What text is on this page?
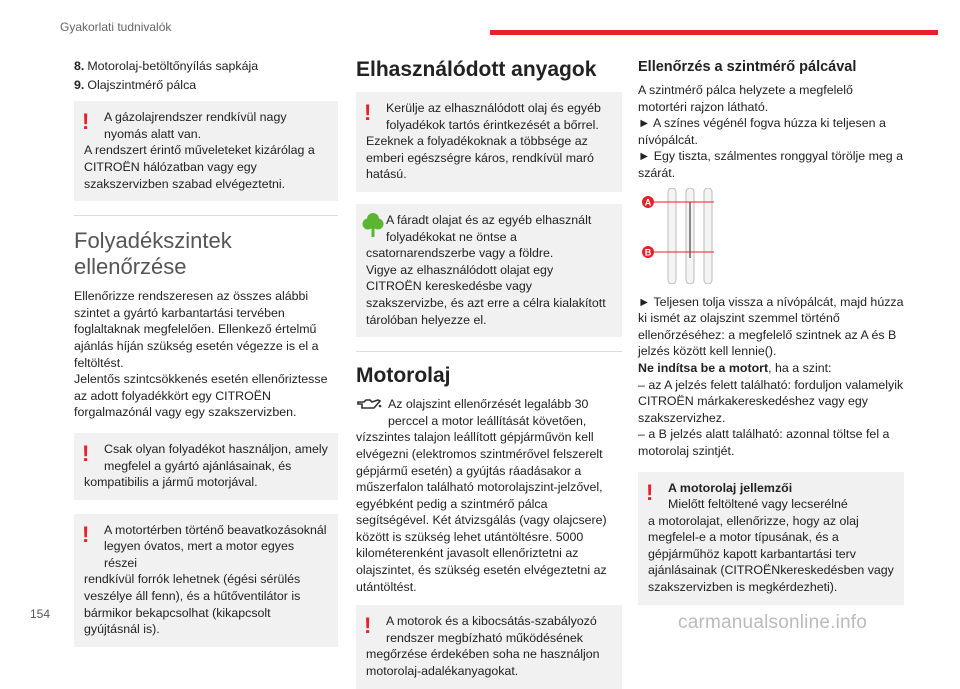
Gyakorlati tudnivalók

8. Motorolaj-betöltőnyílás sapkája

9. Olajszintmérő pálca

!	A gázolajrendszer rendkívül nagy
nyomás alatt van.
A rendszert érintő műveleteket kizárólag a CITROËN hálózatban vagy egy szakszervizben szabad elvégeztetni.

Folyadékszintek
ellenőrzése

Ellenőrizze rendszeresen az összes alábbi szintet a gyártó karbantartási tervében foglaltaknak megfelelően. Ellenkező értelmű ajánlás híján szükség esetén végezze is el a feltöltést.

Jelentős szintcsökkenés esetén ellenőriztesse az adott folyadékkört egy CITROËN forgalmazónál vagy egy szakszervizben.

!	Csak olyan folyadékot használjon, amely
megfelel a gyártó ajánlásainak, és
kompatibilis a jármű motorjával.
!	A motortérben történő beavatkozásoknál
legyen óvatos, mert a motor egyes részei
rendkívül forrók lehetnek (égési sérülés veszélye áll fenn), és a hűtőventilátor is bármikor bekapcsolhat (kikapcsolt gyújtásnál is).

Elhasználódott anyagok

!	Kerülje az elhasználódott olaj és egyéb
folyadékok tartós érintkezését a bőrrel.
Ezeknek a folyadékoknak a többsége az emberi egészségre káros, rendkívül maró hatású.
A fáradt olajat és az egyéb elhasznált
folyadékokat ne öntse a
csatornarendszerbe vagy a földre.
Vigye az elhasználódott olajat egy CITROËN kereskedésbe vagy szakszervizbe, és azt erre a célra kialakított tárolóban helyezze el.

Motorolaj

Az olajszint ellenőrzését legalább 30

perccel a motor leállítását követően,

vízszintes talajon leállított gépjárművön kell elvégezni (elektromos szintmérővel felszerelt gépjármű esetén) a gyújtás ráadásakor a műszerfalon található motorolajszint-jelzővel, egyébként pedig a szintmérő pálca segítségével. Két átvizsgálás (vagy olajcsere) között is szükség lehet utántöltésre. 5000 kilométerenként javasolt ellenőriztetni az olajszintet, és szükség esetén elvégeztetni az utántöltést.

!	A motorok és a kibocsátás-szabályozó
rendszer megbízható működésének
megőrzése érdekében soha ne használjon motorolaj-adalékanyagokat.

Ellenőrzés a szintmérő pálcával

A szintmérő pálca helyzete a megfelelő motortéri rajzon látható.

► A színes végénél fogva húzza ki teljesen a nívópálcát.

► Egy tiszta, szálmentes ronggyal törölje meg a szárát.

A
B

► Teljesen tolja vissza a nívópálcát, majd húzza ki ismét az olajszint szemmel történő ellenőrzéséhez: a megfelelő szintnek az A és B jelzés között kell lennie().

Ne indítsa be a motort, ha a szint:

– az A jelzés felett található: forduljon valamelyik CITROËN márkakereskedéshez vagy egy szakszervizhez.

– a B jelzés alatt található: azonnal töltse fel a motorolaj szintjét.

!	A motorolaj jellemzői
Mielőtt feltöltené vagy lecserélné
a motorolajat, ellenőrizze, hogy az olaj megfelel-e a motor típusának, és a gépjárműhöz kapott karbantartási terv ajánlásainak (CITROËNkereskedésben vagy szakszervizben is megkérdezheti).
154	carmanualsonline.info
